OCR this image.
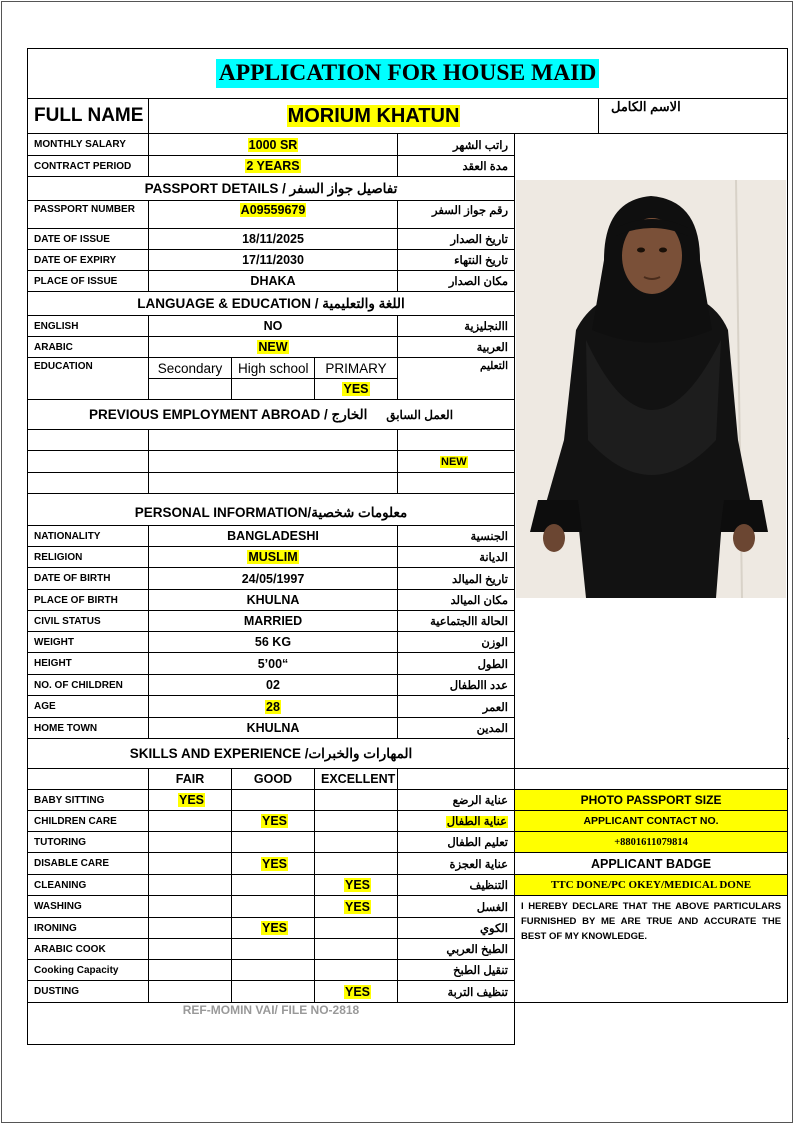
APPLICATION FOR HOUSE MAID							
FULL NAME	MORIUM KHATUN					الاسم الكامل	
MONTHLY SALARY	1000 SR			راتب الشهر	

CONTRACT PERIOD	2 YEARS			مدة العقد			
PASSPORT DETAILS / تفاصيل جواز السفر							
PASSPORT NUMBER	A09559679			رقم جواز السفر			
DATE OF ISSUE	18/11/2025			تاريخ الصدار			
DATE OF EXPIRY	17/11/2030			تاريخ النتهاء			
PLACE OF ISSUE	DHAKA			مكان الصدار			
LANGUAGE & EDUCATION / اللغة والتعليمية							
ENGLISH	NO			االنجليزية			
ARABIC	NEW			العربية			
EDUCATION	Secondary	High school	PRIMARY	التعليم			
			YES				
PREVIOUS EMPLOYMENT ABROAD / الخارج العمل السابق							

				NEW			

PERSONAL INFORMATION/معلومات شخصية							
NATIONALITY	BANGLADESHI			الجنسية			
RELIGION	MUSLIM			الديانة			
DATE OF BIRTH	24/05/1997			تاريخ الميالد			
PLACE OF BIRTH	KHULNA			مكان الميالد			
CIVIL STATUS	MARRIED			الحالة االجتماعية			
WEIGHT	56 KG			الوزن			
HEIGHT	5’00“			الطول			
NO. OF CHILDREN	02			عدد االطفال			
AGE	28			العمر			
HOME TOWN	KHULNA			المدين			
SKILLS AND EXPERIENCE /المهارات والخبرات	
	FAIR	GOOD	EXCELLENT				
BABY SITTING	YES			عناية الرضع	PHOTO PASSPORT SIZE		
CHILDREN CARE		YES		عناية الطفال	APPLICANT CONTACT NO.		
TUTORING				تعليم الطفال	+8801611079814		
DISABLE CARE		YES		عناية العجزة	APPLICANT BADGE		
CLEANING			YES	التنظيف	TTC DONE/PC OKEY/MEDICAL DONE		
WASHING			YES	الغسل	I HEREBY DECLARE THAT THE ABOVE PARTICULARS FURNISHED BY ME ARE TRUE AND ACCURATE THE BEST OF MY KNOWLEDGE.		
IRONING		YES		الكوي			
ARABIC COOK				الطبخ العربي			
Cooking Capacity				تنقيل الطبخ			
DUSTING			YES	تنظيف التربة			
REF-MOMIN VAI/ FILE NO-2818							
